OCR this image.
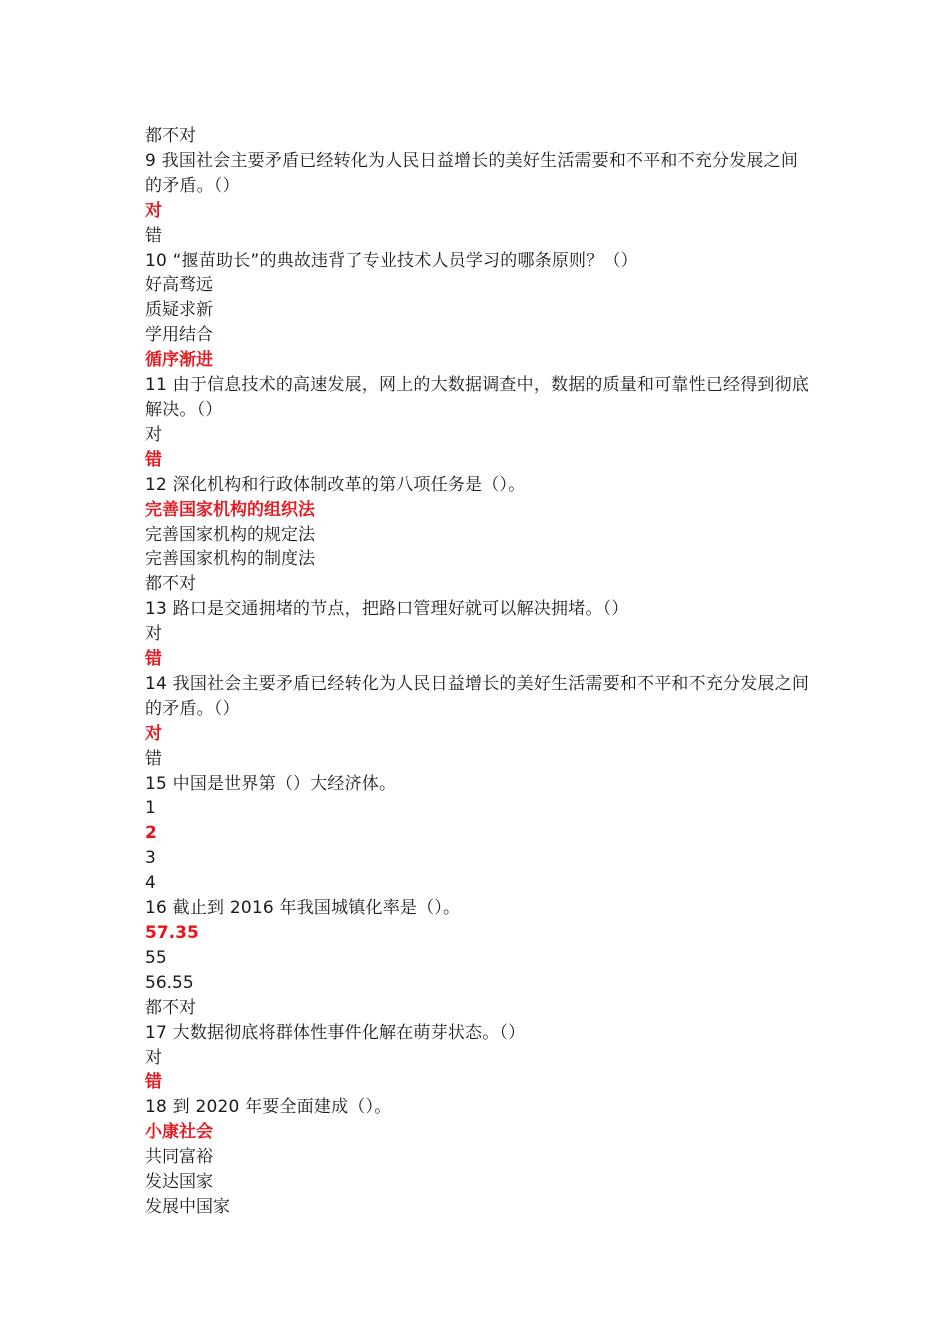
都不对
9 我国社会主要矛盾已经转化为人民日益增长的美好生活需要和不平和不充分发展之间的矛盾。（）
对
错
10 “揠苗助长”的典故违背了专业技术人员学习的哪条原则？（）
好高骛远
质疑求新
学用结合
循序渐进
11 由于信息技术的高速发展，网上的大数据调查中，数据的质量和可靠性已经得到彻底解决。（）
对
错
12 深化机构和行政体制改革的第八项任务是（）。
完善国家机构的组织法
完善国家机构的规定法
完善国家机构的制度法
都不对
13 路口是交通拥堵的节点，把路口管理好就可以解决拥堵。（）
对
错
14 我国社会主要矛盾已经转化为人民日益增长的美好生活需要和不平和不充分发展之间的矛盾。（）
对
错
15 中国是世界第（）大经济体。
1
2
3
4
16 截止到 2016 年我国城镇化率是（）。
57.35
55
56.55
都不对
17 大数据彻底将群体性事件化解在萌芽状态。（）
对
错
18 到 2020 年要全面建成（）。
小康社会
共同富裕
发达国家
发展中国家
